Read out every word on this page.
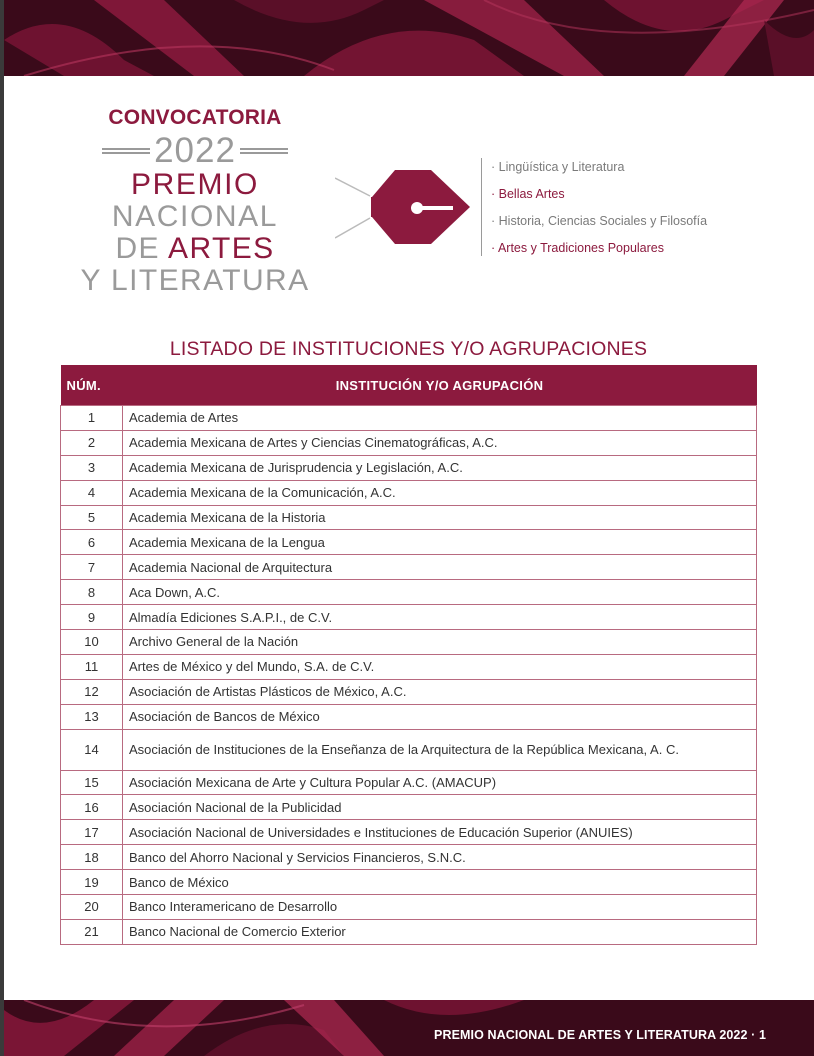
CONVOCATORIA
2022
PREMIO
NACIONAL
DE ARTES
Y LITERATURA
· Lingüística y Literatura
· Bellas Artes
· Historia, Ciencias Sociales y Filosofía
· Artes y Tradiciones Populares
LISTADO DE INSTITUCIONES Y/O AGRUPACIONES
NÚM.	INSTITUCIÓN Y/O AGRUPACIÓN
1	Academia de Artes
2	Academia Mexicana de Artes y Ciencias Cinematográficas, A.C.
3	Academia Mexicana de Jurisprudencia y Legislación, A.C.
4	Academia Mexicana de la Comunicación, A.C.
5	Academia Mexicana de la Historia
6	Academia Mexicana de la Lengua
7	Academia Nacional de Arquitectura
8	Aca Down, A.C.
9	Almadía Ediciones S.A.P.I., de C.V.
10	Archivo General de la Nación
11	Artes de México y del Mundo, S.A. de C.V.
12	Asociación de Artistas Plásticos de México, A.C.
13	Asociación de Bancos de México
14	Asociación de Instituciones de la Enseñanza de la Arquitectura de la República Mexicana, A. C.
15	Asociación Mexicana de Arte y Cultura Popular A.C. (AMACUP)
16	Asociación Nacional de la Publicidad
17	Asociación Nacional de Universidades e Instituciones de Educación Superior (ANUIES)
18	Banco del Ahorro Nacional y Servicios Financieros, S.N.C.
19	Banco de México
20	Banco Interamericano de Desarrollo
21	Banco Nacional de Comercio Exterior
PREMIO NACIONAL DE ARTES Y LITERATURA 2022 · 1
